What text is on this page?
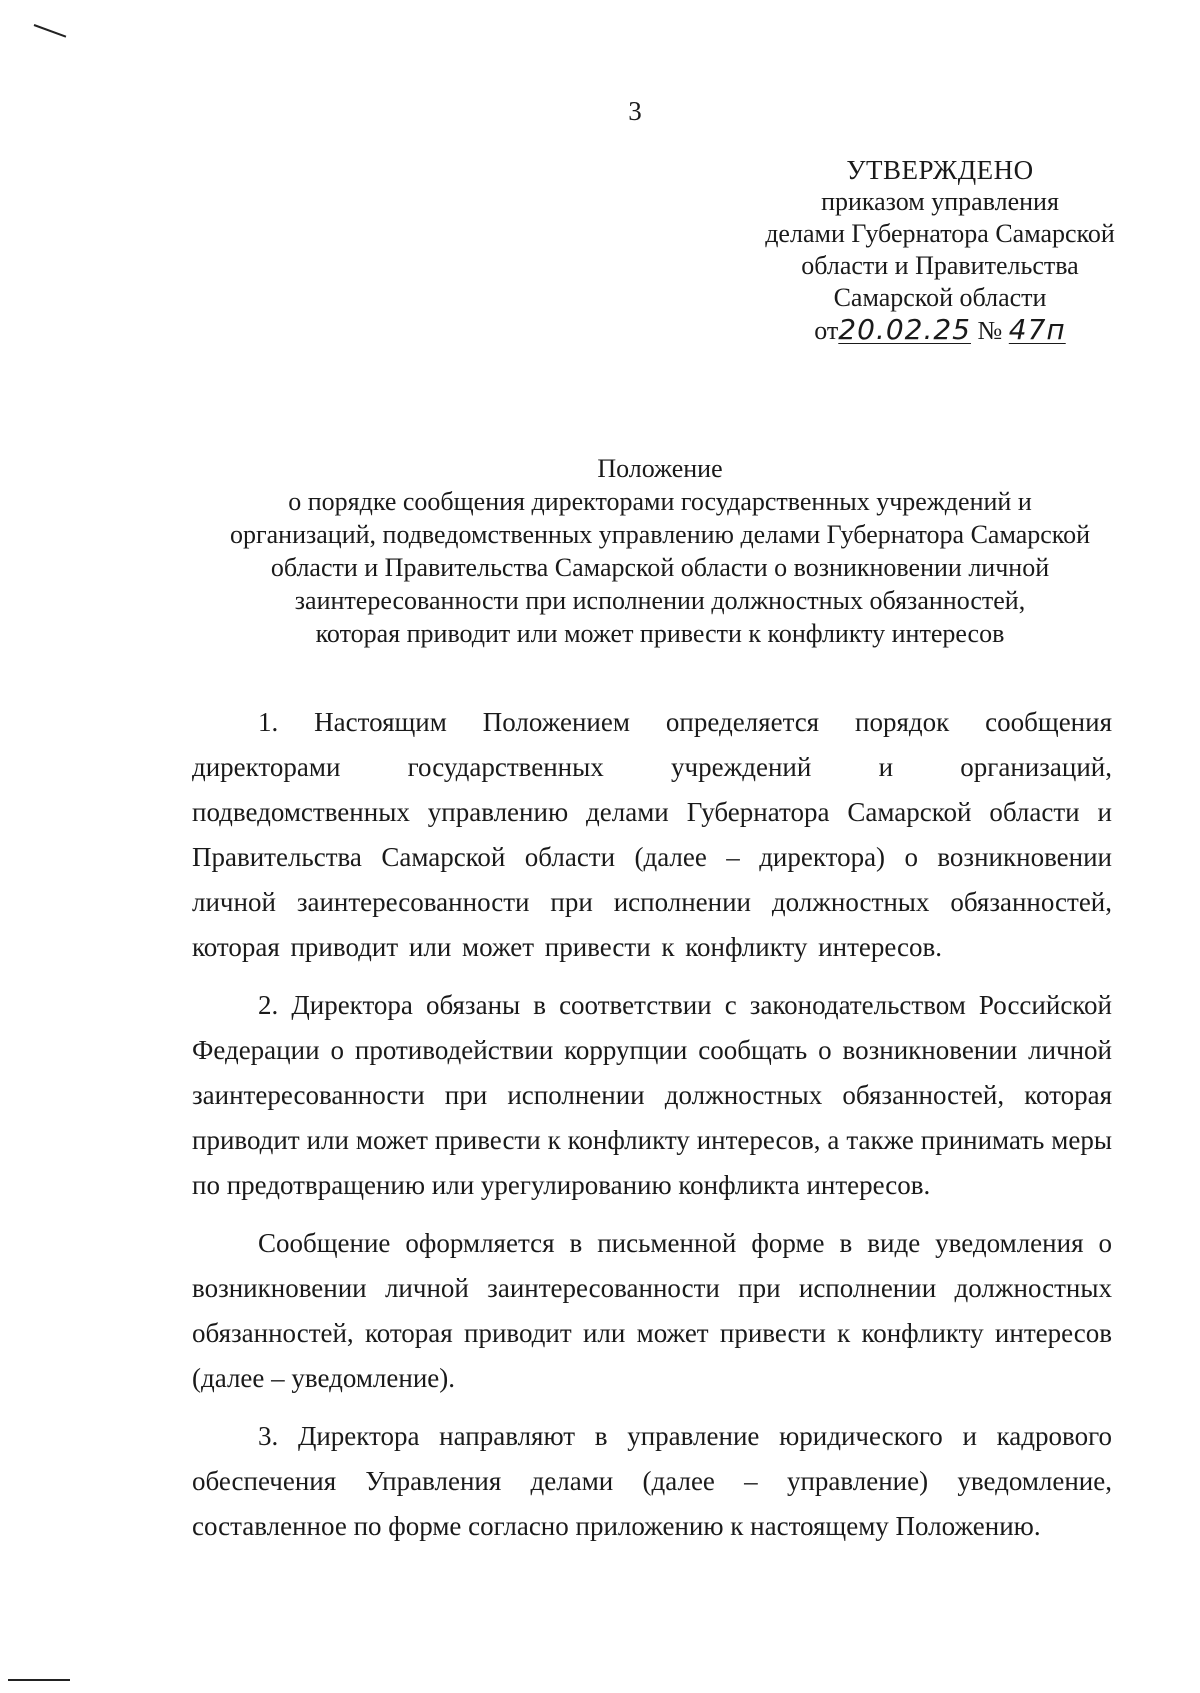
3
УТВЕРЖДЕНО
приказом управления
делами Губернатора Самарской
области и Правительства
Самарской области
от20.02.25 № 47п
Положение
о порядке сообщения директорами государственных учреждений и
организаций, подведомственных управлению делами Губернатора Самарской
области и Правительства Самарской области о возникновении личной
заинтересованности при исполнении должностных обязанностей,
которая приводит или может привести к конфликту интересов

1. Настоящим Положением определяется порядок сообщения директорами государственных учреждений и организаций, подведомственных управлению делами Губернатора Самарской области и Правительства Самарской области (далее – директора) о возникновении личной заинтересованности при исполнении должностных обязанностей, которая приводит или может привести к конфликту интересов.

2. Директора обязаны в соответствии с законодательством Российской Федерации о противодействии коррупции сообщать о возникновении личной заинтересованности при исполнении должностных обязанностей, которая приводит или может привести к конфликту интересов, а также принимать меры по предотвращению или урегулированию конфликта интересов.

Сообщение оформляется в письменной форме в виде уведомления о возникновении личной заинтересованности при исполнении должностных обязанностей, которая приводит или может привести к конфликту интересов (далее – уведомление).

3. Директора направляют в управление юридического и кадрового обеспечения Управления делами (далее – управление) уведомление, составленное по форме согласно приложению к настоящему Положению.
